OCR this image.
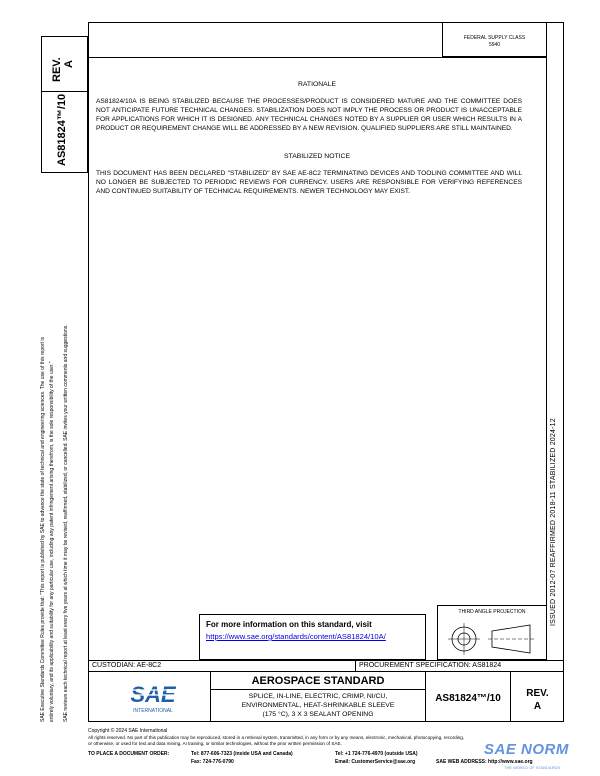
REV. A
AS81824™/10
SAE Executive Standards Committee Rules provide that: "This report is published by SAE to advance the state of technical and engineering sciences. The use of this report is entirely voluntary, and its applicability and suitability for any particular use, including any patent infringement arising therefrom, is the sole responsibility of the user." SAE reviews each technical report at least every five years at which time it may be revised, reaffirmed, stabilized, or cancelled. SAE invites your written comments and suggestions.
FEDERAL SUPPLY CLASS
5940
RATIONALE
AS81824/10A IS BEING STABILIZED BECAUSE THE PROCESSES/PRODUCT IS CONSIDERED MATURE AND THE COMMITTEE DOES NOT ANTICIPATE FUTURE TECHNICAL CHANGES. STABILIZATION DOES NOT IMPLY THE PROCESS OR PRODUCT IS UNACCEPTABLE FOR APPLICATIONS FOR WHICH IT IS DESIGNED. ANY TECHNICAL CHANGES NOTED BY A SUPPLIER OR USER WHICH RESULTS IN A PRODUCT OR REQUIREMENT CHANGE WILL BE ADDRESSED BY A NEW REVISION. QUALIFIED SUPPLIERS ARE STILL MAINTAINED.
STABILIZED NOTICE
THIS DOCUMENT HAS BEEN DECLARED "STABILIZED" BY SAE AE-8C2 TERMINATING DEVICES AND TOOLING COMMITTEE AND WILL NO LONGER BE SUBJECTED TO PERIODIC REVIEWS FOR CURRENCY. USERS ARE RESPONSIBLE FOR VERIFYING REFERENCES AND CONTINUED SUITABILITY OF TECHNICAL REQUIREMENTS. NEWER TECHNOLOGY MAY EXIST.
ISSUED 2012-07 REAFFIRMED 2018-11 STABILIZED 2024-12
For more information on this standard, visit
https://www.sae.org/standards/content/AS81824/10A/
THIRD ANGLE PROJECTION
CUSTODIAN: AE-8C2	PROCUREMENT SPECIFICATION: AS81824
SAE
INTERNATIONAL
AEROSPACE STANDARD
SPLICE, IN-LINE, ELECTRIC, CRIMP, NI/CU,
ENVIRONMENTAL, HEAT-SHRINKABLE SLEEVE
(175 °C), 3 X 3 SEALANT OPENING
AS81824™/10	REV.
A
Copyright © 2024 SAE International
All rights reserved. No part of this publication may be reproduced, stored in a retrieval system, transmitted, in any form or by any means, electronic, mechanical, photocopying, recording,
or otherwise, or used for text and data mining, AI training, or similar technologies, without the prior written permission of SAE.
TO PLACE A DOCUMENT ORDER:	Tel: 877-606-7323 (inside USA and Canada)	Tel: +1 724-776-4970 (outside USA)
Fax: 724-776-0790	Email: CustomerService@sae.org	SAE WEB ADDRESS: http://www.sae.org
SAE NORM
THE WORLD OF STANDARDS
